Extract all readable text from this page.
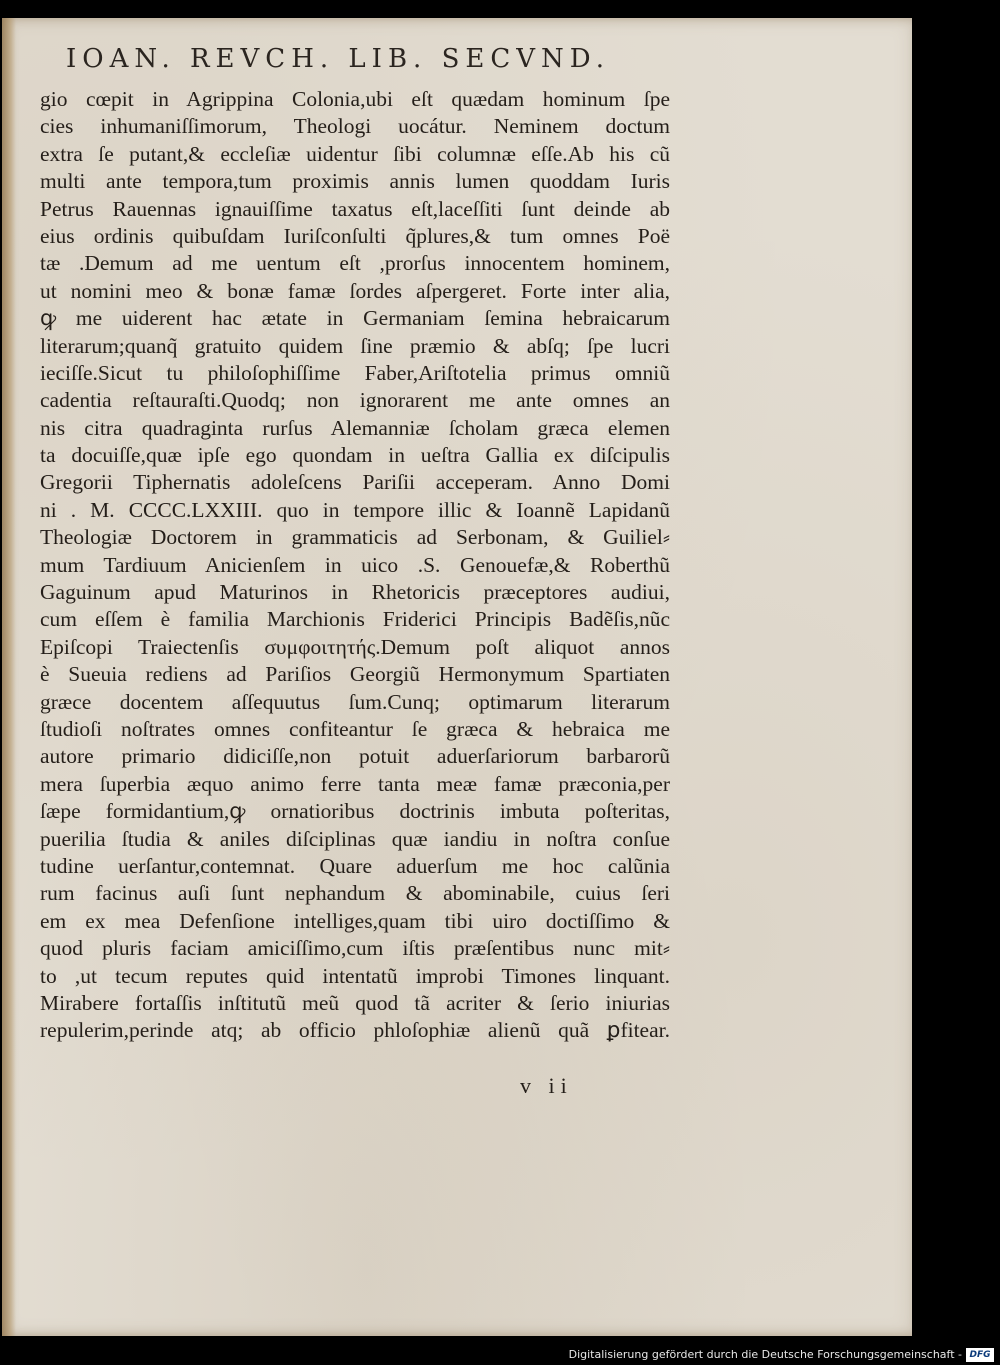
IOAN. REVCH. LIB. SECVND.
gio cœpit in Agrippina Colonia,ubi eſt quædam hominum ſpe
cies inhumaniſſimorum, Theologi uocátur. Neminem doctum
extra ſe putant,& eccleſiæ uidentur ſibi columnæ eſſe.Ab his cũ
multi ante tempora,tum proximis annis lumen quoddam Iuris
Petrus Rauennas ignauiſſime taxatus eſt,laceſſiti ſunt deinde ab
eius ordinis quibuſdam Iuriſconſulti q̃plures,& tum omnes Poë
tæ .Demum ad me uentum eſt ,prorſus innocentem hominem,
ut nomini meo & bonæ famæ ſordes aſpergeret. Forte inter alia,
ꝙ me uiderent hac ætate in Germaniam ſemina hebraicarum
literarum;quanq̃ gratuito quidem ſine præmio & abſq; ſpe lucri
ieciſſe.Sicut tu philoſophiſſime Faber,Ariſtotelia primus omniũ
cadentia reſtauraſti.Quodq; non ignorarent me ante omnes an
nis citra quadraginta rurſus Alemanniæ ſcholam græca elemen
ta docuiſſe,quæ ipſe ego quondam in ueſtra Gallia ex diſcipulis
Gregorii Tiphernatis adoleſcens Pariſii acceperam. Anno Domi
ni . M. CCCC.LXXIII. quo in tempore illic & Ioannẽ Lapidanũ
Theologiæ Doctorem in grammaticis ad Serbonam, & Guiliel⸗
mum Tardiuum Anicienſem in uico .S. Genouefæ,& Roberthũ
Gaguinum apud Maturinos in Rhetoricis præceptores audiui,
cum eſſem è familia Marchionis Friderici Principis Badẽſis,nũc
Epiſcopi Traiectenſis συμφοιτητής.Demum poſt aliquot annos
è Sueuia rediens ad Pariſios Georgiũ Hermonymum Spartiaten
græce docentem aſſequutus ſum.Cunq; optimarum literarum
ſtudioſi noſtrates omnes confiteantur ſe græca & hebraica me
autore primario didiciſſe,non potuit aduerſariorum barbarorũ
mera ſuperbia æquo animo ferre tanta meæ famæ præconia,per
ſæpe formidantium,ꝙ ornatioribus doctrinis imbuta poſteritas,
puerilia ſtudia & aniles diſciplinas quæ iandiu in noſtra conſue
tudine uerſantur,contemnat. Quare aduerſum me hoc calũnia
rum facinus auſi ſunt nephandum & abominabile, cuius ſeri
em ex mea Defenſione intelliges,quam tibi uiro doctiſſimo &
quod pluris faciam amiciſſimo,cum iſtis præſentibus nunc mit⸗
to ,ut tecum reputes quid intentatũ improbi Timones linquant.
Mirabere fortaſſis inſtitutũ meũ quod tã acriter & ſerio iniurias
repulerim,perinde atq; ab officio phloſophiæ alienũ quã ꝑfitear.
v ii
Digitalisierung gefördert durch die Deutsche Forschungsgemeinschaft - DFG
